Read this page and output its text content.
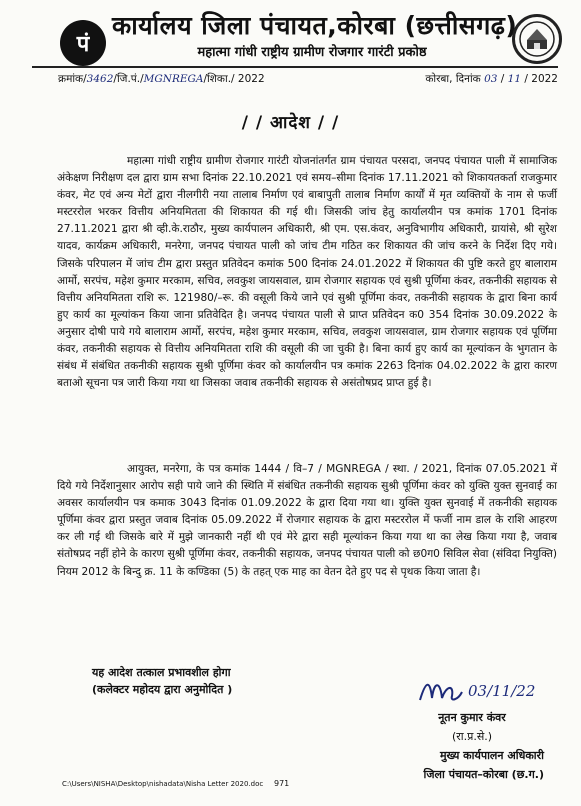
पं
कार्यालय जिला पंचायत,कोरबा (छत्तीसगढ़)
महात्मा गांधी राष्ट्रीय ग्रामीण रोजगार गारंटी प्रकोष्ठ
क्रमांक/3462/जि.पं./MGNREGA/शिका./ 2022	कोरबा, दिनांक 03 / 11 / 2022
/ / आदेश / /

महात्मा गांधी राष्ट्रीय ग्रामीण रोजगार गारंटी योजनांतर्गत ग्राम पंचायत परसदा, जनपद पंचायत पाली में सामाजिक अंकेक्षण निरीक्षण दल द्वारा ग्राम सभा दिनांक 22.10.2021 एवं समय–सीमा दिनांक 17.11.2021 को शिकायतकर्ता राजकुमार कंवर, मेट एवं अन्य मेटों द्वारा नीलगीरी नया तालाब निर्माण एवं बाबापुती तालाब निर्माण कार्यों में मृत व्यक्तियों के नाम से फर्जी मस्टररोल भरकर वित्तीय अनियमितता की शिकायत की गई थी। जिसकी जांच हेतु कार्यालयीन पत्र कमांक 1701 दिनांक 27.11.2021 द्वारा श्री व्ही.के.राठौर, मुख्य कार्यपालन अधिकारी, श्री एम. एस.कंवर, अनुविभागीय अधिकारी, ग्रायांसे, श्री सुरेश यादव, कार्यक्रम अधिकारी, मनरेगा, जनपद पंचायत पाली को जांच टीम गठित कर शिकायत की जांच करने के निर्देश दिए गये। जिसके परिपालन में जांच टीम द्वारा प्रस्तुत प्रतिवेदन कमांक 500 दिनांक 24.01.2022 में शिकायत की पुष्टि करते हुए बालाराम आर्मो, सरपंच, महेश कुमार मरकाम, सचिव, लवकुश जायसवाल, ग्राम रोजगार सहायक एवं सुश्री पूर्णिमा कंवर, तकनीकी सहायक से वित्तीय अनियमितता राशि रू. 121980/–रू. की वसूली किये जाने एवं सुश्री पूर्णिमा कंवर, तकनीकी सहायक के द्वारा बिना कार्य हुए कार्य का मूल्यांकन किया जाना प्रतिवेदित है। जनपद पंचायत पाली से प्राप्त प्रतिवेदन क0 354 दिनांक 30.09.2022 के अनुसार दोषी पाये गये बालाराम आर्मो, सरपंच, महेश कुमार मरकाम, सचिव, लवकुश जायसवाल, ग्राम रोजगार सहायक एवं पूर्णिमा कंवर, तकनीकी सहायक से वित्तीय अनियमितता राशि की वसूली की जा चुकी है। बिना कार्य हुए कार्य का मूल्यांकन के भुगतान के संबंध में संबंधित तकनीकी सहायक सुश्री पूर्णिमा कंवर को कार्यालयीन पत्र कमांक 2263 दिनांक 04.02.2022 के द्वारा कारण बताओ सूचना पत्र जारी किया गया था जिसका जवाब तकनीकी सहायक से असंतोषप्रद प्राप्त हुई है।

आयुक्त, मनरेगा, के पत्र कमांक 1444 / वि–7 / MGNREGA / स्था. / 2021, दिनांक 07.05.2021 में दिये गये निर्देशानुसार आरोप सही पाये जाने की स्थिति में संबंधित तकनीकी सहायक सुश्री पूर्णिमा कंवर को युक्ति युक्त सुनवाई का अवसर कार्यालयीन पत्र कमाक 3043 दिनांक 01.09.2022 के द्वारा दिया गया था। युक्ति युक्त सुनवाई में तकनीकी सहायक पूर्णिमा कंवर द्वारा प्रस्तुत जवाब दिनांक 05.09.2022 में रोजगार सहायक के द्वारा मस्टररोल में फर्जी नाम डाल के राशि आहरण कर ली गई थी जिसके बारे में मुझे जानकारी नहीं थी एवं मेरे द्वारा सही मूल्यांकन किया गया था का लेख किया गया है, जवाब संतोषप्रद नहीं होने के कारण सुश्री पूर्णिमा कंवर, तकनीकी सहायक, जनपद पंचायत पाली को छ0ग0 सिविल सेवा (संविदा नियुक्ति) नियम 2012 के बिन्दु क्र. 11 के कण्डिका (5) के तहत् एक माह का वेतन देते हुए पद से पृथक किया जाता है।

यह आदेश तत्काल प्रभावशील होगा
(कलेक्टर महोदय द्वारा अनुमोदित )	03/11/22
नूतन कुमार कंवर
(रा.प्र.से.)
मुख्य कार्यपालन अधिकारी
जिला पंचायत–कोरबा (छ.ग.)
C:\Users\NISHA\Desktop\nishadata\Nisha Letter 2020.doc 971
